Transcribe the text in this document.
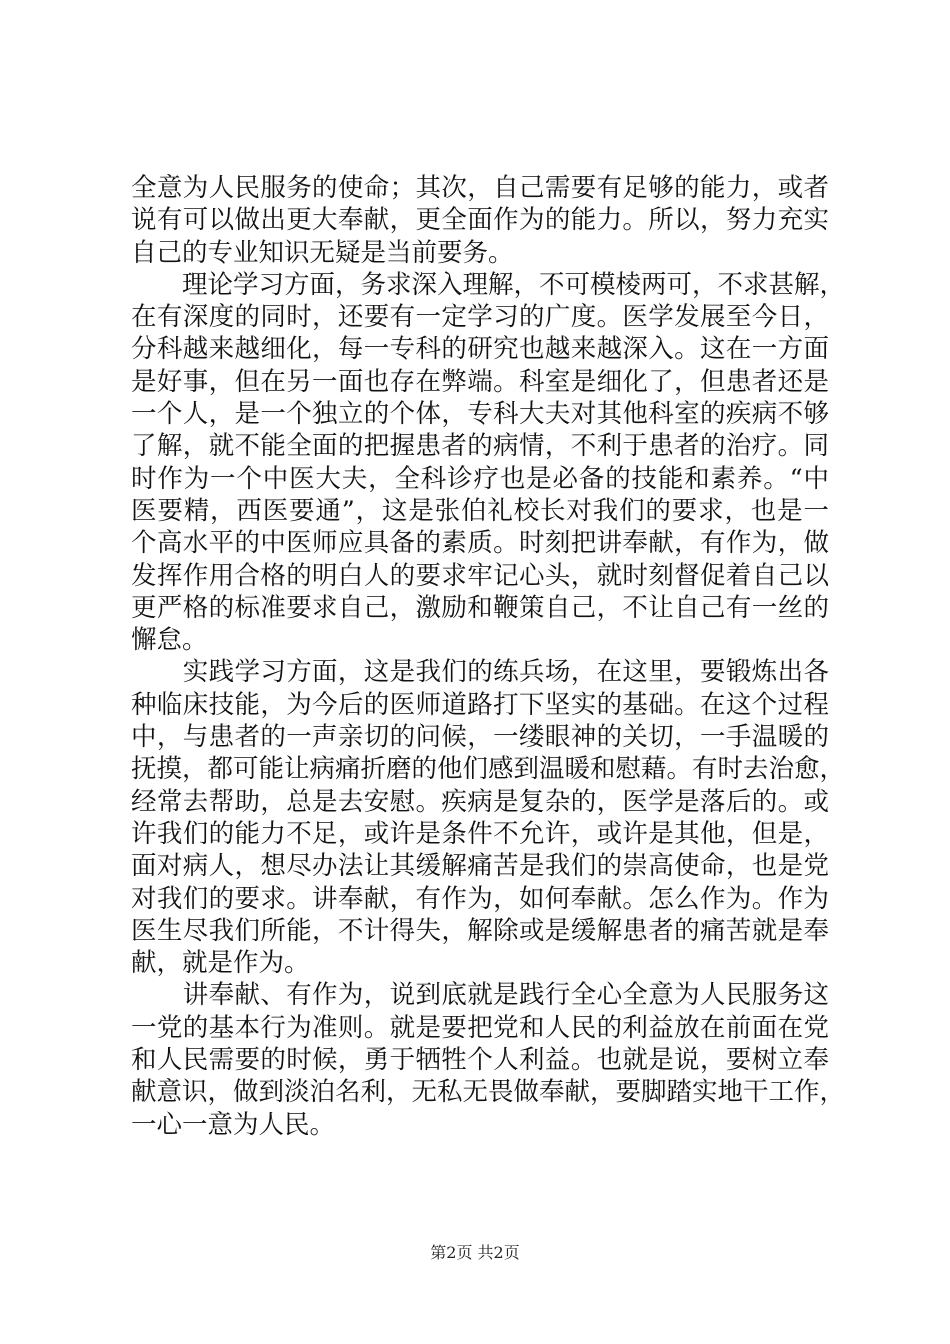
全意为人民服务的使命；其次，自己需要有足够的能力，或者
说有可以做出更大奉献，更全面作为的能力。所以，努力充实
自己的专业知识无疑是当前要务。
　　理论学习方面，务求深入理解，不可模棱两可，不求甚解，
在有深度的同时，还要有一定学习的广度。医学发展至今日，
分科越来越细化，每一专科的研究也越来越深入。这在一方面
是好事，但在另一面也存在弊端。科室是细化了，但患者还是
一个人，是一个独立的个体，专科大夫对其他科室的疾病不够
了解，就不能全面的把握患者的病情，不利于患者的治疗。同
时作为一个中医大夫，全科诊疗也是必备的技能和素养。“中
医要精，西医要通”，这是张伯礼校长对我们的要求，也是一
个高水平的中医师应具备的素质。时刻把讲奉献，有作为，做
发挥作用合格的明白人的要求牢记心头，就时刻督促着自己以
更严格的标准要求自己，激励和鞭策自己，不让自己有一丝的
懈怠。
　　实践学习方面，这是我们的练兵场，在这里，要锻炼出各
种临床技能，为今后的医师道路打下坚实的基础。在这个过程
中，与患者的一声亲切的问候，一缕眼神的关切，一手温暖的
抚摸，都可能让病痛折磨的他们感到温暖和慰藉。有时去治愈，
经常去帮助，总是去安慰。疾病是复杂的，医学是落后的。或
许我们的能力不足，或许是条件不允许，或许是其他，但是，
面对病人，想尽办法让其缓解痛苦是我们的崇高使命，也是党
对我们的要求。讲奉献，有作为，如何奉献。怎么作为。作为
医生尽我们所能，不计得失，解除或是缓解患者的痛苦就是奉
献，就是作为。
　　讲奉献、有作为，说到底就是践行全心全意为人民服务这
一党的基本行为准则。就是要把党和人民的利益放在前面在党
和人民需要的时候，勇于牺牲个人利益。也就是说，要树立奉
献意识，做到淡泊名利，无私无畏做奉献，要脚踏实地干工作，
一心一意为人民。
第2页 共2页
